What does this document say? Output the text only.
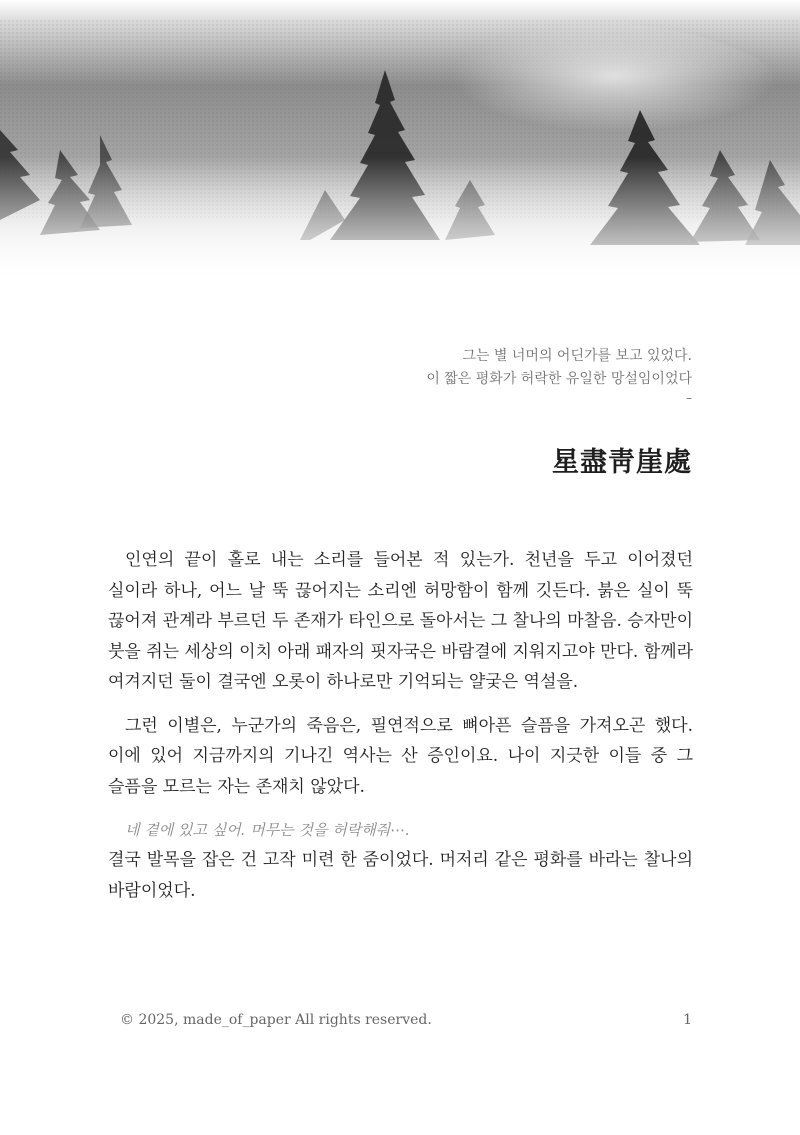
그는 별 너머의 어딘가를 보고 있었다.
이 짧은 평화가 허락한 유일한 망설임이었다
–
星盡靑崖處

인연의 끝이 홀로 내는 소리를 들어본 적 있는가. 천년을 두고 이어졌던 실이라 하나, 어느 날 뚝 끊어지는 소리엔 허망함이 함께 깃든다. 붉은 실이 뚝 끊어져 관계라 부르던 두 존재가 타인으로 돌아서는 그 찰나의 마찰음. 승자만이 붓을 쥐는 세상의 이치 아래 패자의 핏자국은 바람결에 지워지고야 만다. 함께라 여겨지던 둘이 결국엔 오롯이 하나로만 기억되는 얄궂은 역설을.

그런 이별은, 누군가의 죽음은, 필연적으로 뼈아픈 슬픔을 가져오곤 했다. 이에 있어 지금까지의 기나긴 역사는 산 증인이요. 나이 지긋한 이들 중 그 슬픔을 모르는 자는 존재치 않았다.

네 곁에 있고 싶어. 머무는 것을 허락해줘⋯.

결국 발목을 잡은 건 고작 미련 한 줌이었다. 머저리 같은 평화를 바라는 찰나의 바람이었다.

© 2025, made_of_paper All rights reserved.	1
